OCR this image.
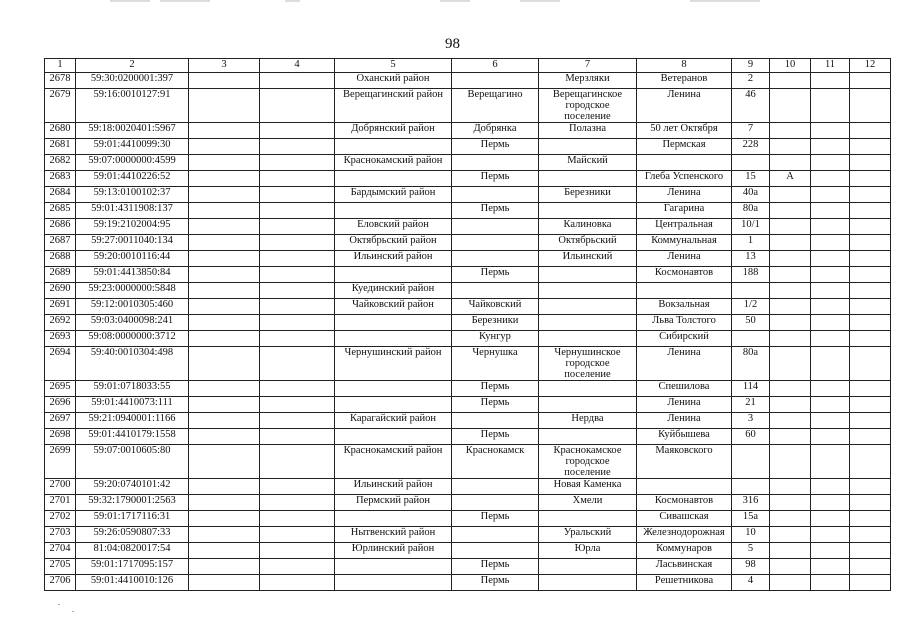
98
1	2	3	4	5	6	7	8	9	10	11	12
2678	59:30:0200001:397			Оханский район		Мерзляки	Ветеранов	2			
2679	59:16:0010127:91			Верещагинский район	Верещагино	Верещагинское городское поселение	Ленина	46			
2680	59:18:0020401:5967			Добрянский район	Добрянка	Полазна	50 лет Октября	7			
2681	59:01:4410099:30				Пермь		Пермская	228			
2682	59:07:0000000:4599			Краснокамский район		Майский					
2683	59:01:4410226:52				Пермь		Глеба Успенского	15	А		
2684	59:13:0100102:37			Бардымский район		Березники	Ленина	40а			
2685	59:01:4311908:137				Пермь		Гагарина	80а			
2686	59:19:2102004:95			Еловский район		Калиновка	Центральная	10/1			
2687	59:27:0011040:134			Октябрьский район		Октябрьский	Коммунальная	1			
2688	59:20:0010116:44			Ильинский район		Ильинский	Ленина	13			
2689	59:01:4413850:84				Пермь		Космонавтов	188			
2690	59:23:0000000:5848			Куединский район							
2691	59:12:0010305:460			Чайковский район	Чайковский		Вокзальная	1/2			
2692	59:03:0400098:241				Березники		Льва Толстого	50			
2693	59:08:0000000:3712				Кунгур		Сибирский				
2694	59:40:0010304:498			Чернушинский район	Чернушка	Чернушинское городское поселение	Ленина	80а			
2695	59:01:0718033:55				Пермь		Спешилова	114			
2696	59:01:4410073:111				Пермь		Ленина	21			
2697	59:21:0940001:1166			Карагайский район		Нердва	Ленина	3			
2698	59:01:4410179:1558				Пермь		Куйбышева	60			
2699	59:07:0010605:80			Краснокамский район	Краснокамск	Краснокамское городское поселение	Маяковского				
2700	59:20:0740101:42			Ильинский район		Новая Каменка					
2701	59:32:1790001:2563			Пермский район		Хмели	Космонавтов	316			
2702	59:01:1717116:31				Пермь		Сивашская	15а			
2703	59:26:0590807:33			Нытвенский район		Уральский	Железнодорожная	10			
2704	81:04:0820017:54			Юрлинский район		Юрла	Коммунаров	5			
2705	59:01:1717095:157				Пермь		Ласьвинская	98			
2706	59:01:4410010:126				Пермь		Решетникова	4			
